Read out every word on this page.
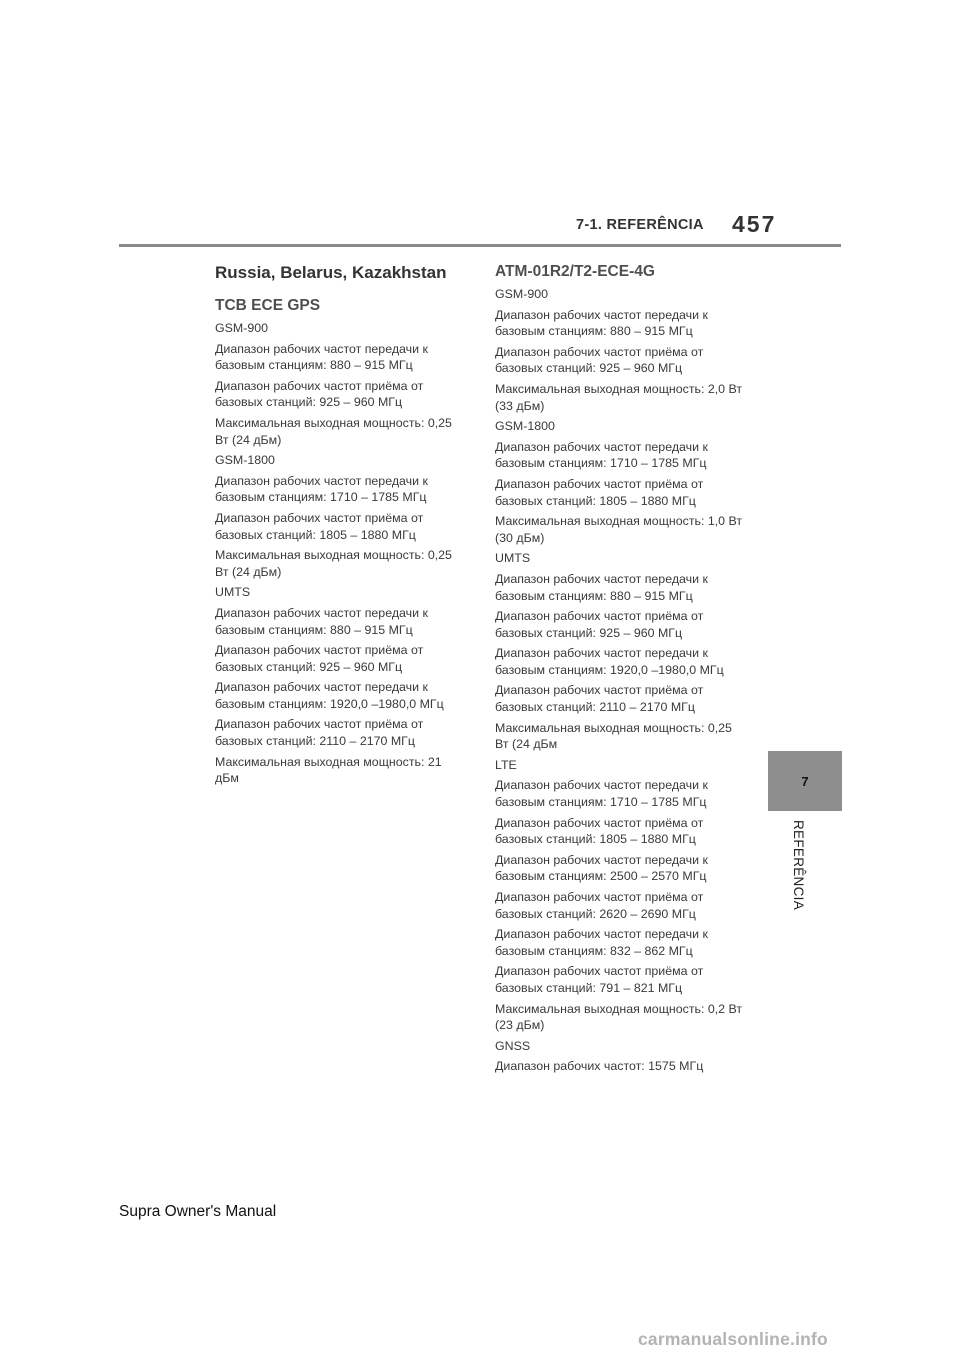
7-1. REFERÊNCIA 457
Russia, Belarus, Kazakhstan
TCB ECE GPS
GSM-900
Диапазон рабочих частот передачи к базовым станциям: 880 – 915 МГц
Диапазон рабочих частот приёма от базовых станций: 925 – 960 МГц
Максимальная выходная мощность: 0,25 Вт (24 дБм)
GSM-1800
Диапазон рабочих частот передачи к базовым станциям: 1710 – 1785 МГц
Диапазон рабочих частот приёма от базовых станций: 1805 – 1880 МГц
Максимальная выходная мощность: 0,25 Вт (24 дБм)
UMTS
Диапазон рабочих частот передачи к базовым станциям: 880 – 915 МГц
Диапазон рабочих частот приёма от базовых станций: 925 – 960 МГц
Диапазон рабочих частот передачи к базовым станциям: 1920,0 –1980,0 МГц
Диапазон рабочих частот приёма от базовых станций: 2110 – 2170 МГц
Максимальная выходная мощность: 21 дБм
ATM-01R2/T2-ECE-4G
GSM-900
Диапазон рабочих частот передачи к базовым станциям: 880 – 915 МГц
Диапазон рабочих частот приёма от базовых станций: 925 – 960 МГц
Максимальная выходная мощность: 2,0 Вт (33 дБм)
GSM-1800
Диапазон рабочих частот передачи к базовым станциям: 1710 – 1785 МГц
Диапазон рабочих частот приёма от базовых станций: 1805 – 1880 МГц
Максимальная выходная мощность: 1,0 Вт (30 дБм)
UMTS
Диапазон рабочих частот передачи к базовым станциям: 880 – 915 МГц
Диапазон рабочих частот приёма от базовых станций: 925 – 960 МГц
Диапазон рабочих частот передачи к базовым станциям: 1920,0 –1980,0 МГц
Диапазон рабочих частот приёма от базовых станций: 2110 – 2170 МГц
Максимальная выходная мощность: 0,25 Вт (24 дБм
LTE
Диапазон рабочих частот передачи к базовым станциям: 1710 – 1785 МГц
Диапазон рабочих частот приёма от базовых станций: 1805 – 1880 МГц
Диапазон рабочих частот передачи к базовым станциям: 2500 – 2570 МГц
Диапазон рабочих частот приёма от базовых станций: 2620 – 2690 МГц
Диапазон рабочих частот передачи к базовым станциям: 832 – 862 МГц
Диапазон рабочих частот приёма от базовых станций: 791 – 821 МГц
Максимальная выходная мощность: 0,2 Вт (23 дБм)
GNSS
Диапазон рабочих частот: 1575 МГц
7
REFERÊNCIA
Supra Owner's Manual
carmanualsonline.info
